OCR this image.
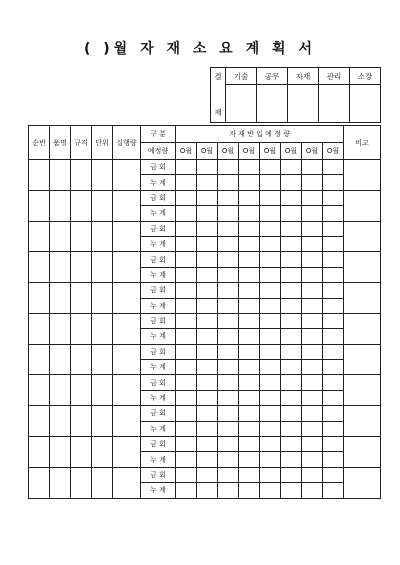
( )월 자 재 소 요 계 획 서
결

재	기술	공무	자재	관리	소장

순번	품명	규격	단위	실행량	구 분	자 재 반 입 예 정 량								비고
					예정량	O월	O월	O월	O월	O월	O월	O월	O월	
					금 회									
					누 계									
					금 회									
					누 계									
					금 회									
					누 계									
					금 회									
					누 계									
					금 회									
					누 계									
					금 회									
					누 계									
					금 회									
					누 계									
					금 회									
					누 계									
					금 회									
					누 계									
					금 회									
					누 계									
					금 회									
					누 계									
